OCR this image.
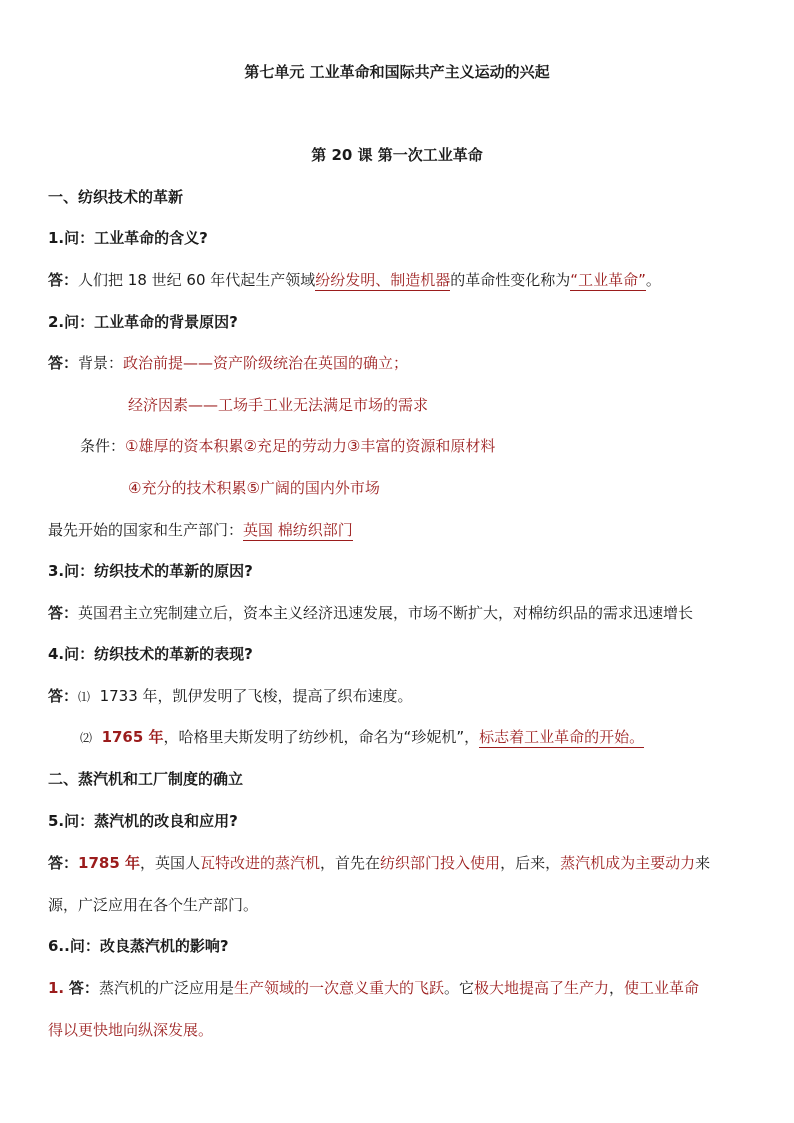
第七单元 工业革命和国际共产主义运动的兴起
第 20 课 第一次工业革命
一、纺织技术的革新
1.问：工业革命的含义?
答：人们把 18 世纪 60 年代起生产领域纷纷发明、制造机器的革命性变化称为“工业革命”。
2.问：工业革命的背景原因?
答：背景：政治前提——资产阶级统治在英国的确立；
经济因素——工场手工业无法满足市场的需求
条件：①雄厚的资本积累②充足的劳动力③丰富的资源和原材料
④充分的技术积累⑤广阔的国内外市场
最先开始的国家和生产部门：英国 棉纺织部门
3.问：纺织技术的革新的原因?
答：英国君主立宪制建立后，资本主义经济迅速发展，市场不断扩大，对棉纺织品的需求迅速增长
4.问：纺织技术的革新的表现?
答：⑴ 1733 年，凯伊发明了飞梭，提高了织布速度。
⑵ 1765 年，哈格里夫斯发明了纺纱机，命名为“珍妮机”，标志着工业革命的开始。
二、蒸汽机和工厂制度的确立
5.问：蒸汽机的改良和应用?
答：1785 年，英国人瓦特改进的蒸汽机，首先在纺织部门投入使用，后来，蒸汽机成为主要动力来
源，广泛应用在各个生产部门。
6..问：改良蒸汽机的影响?
1. 答：蒸汽机的广泛应用是生产领域的一次意义重大的飞跃。它极大地提高了生产力，使工业革命
得以更快地向纵深发展。
